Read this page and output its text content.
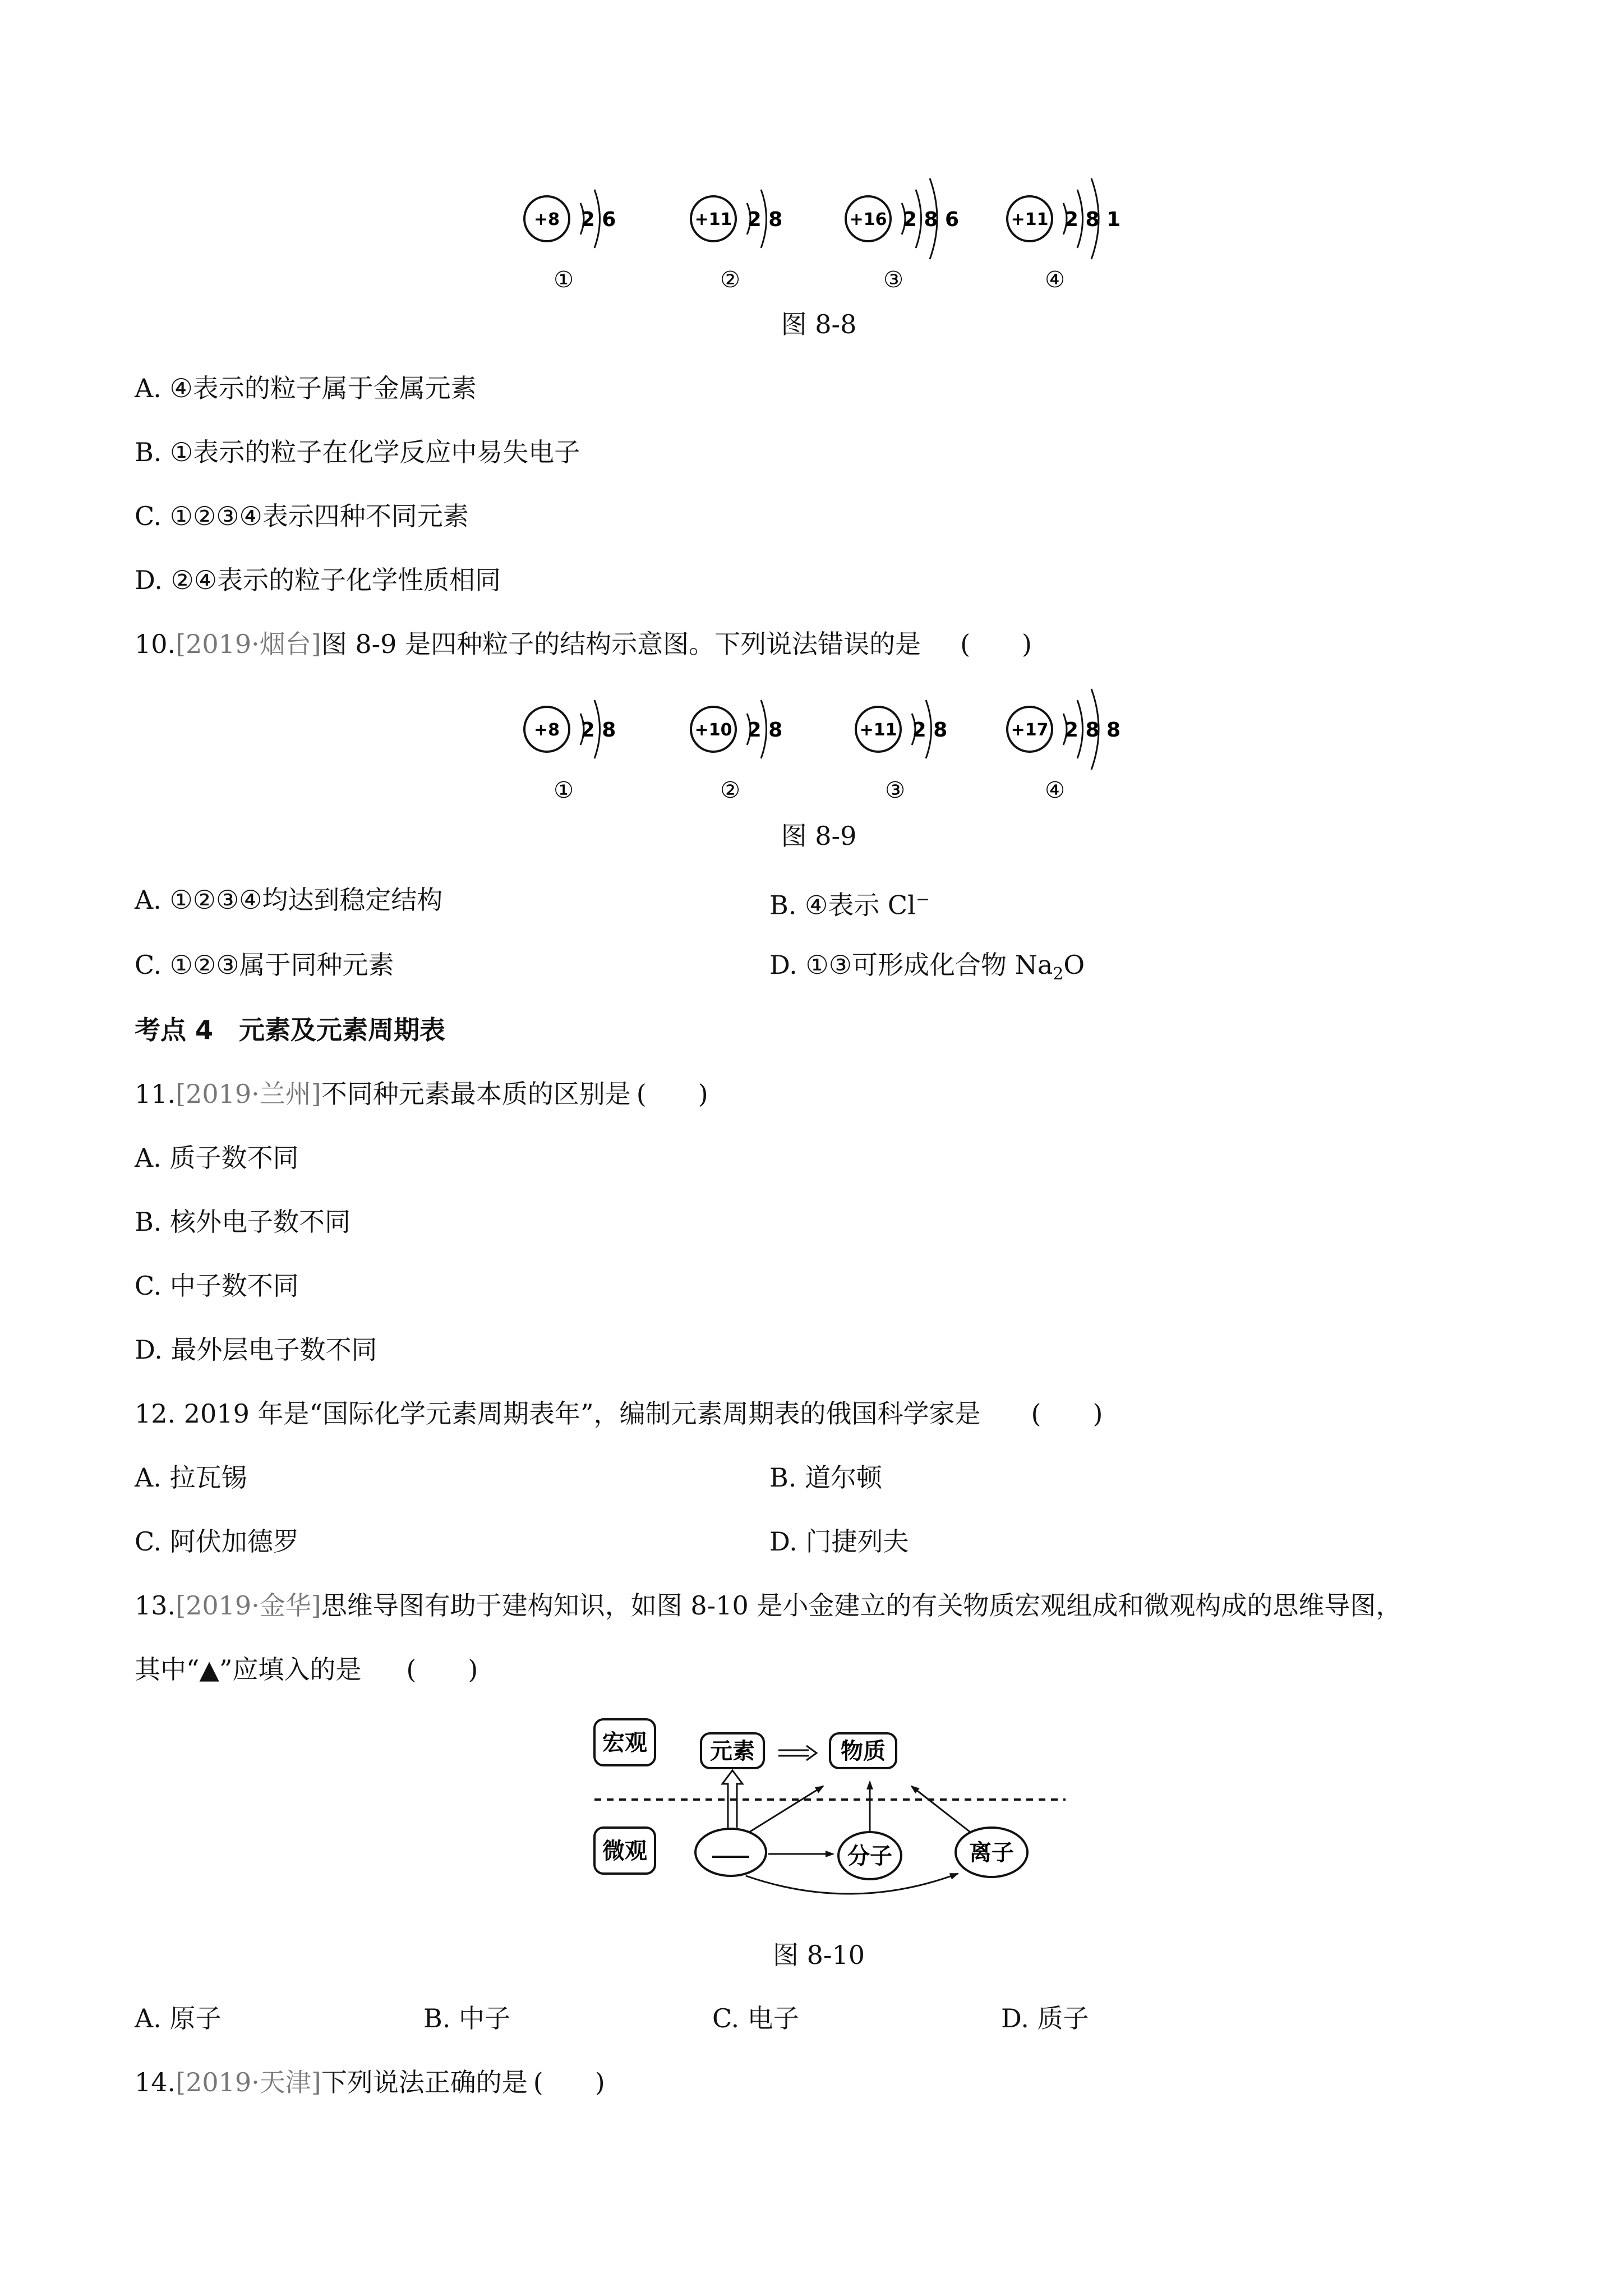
+8 2 6
①
+11 2 8
②
+16 2 8 6
③
+11 2 8 1
④
图 8-8
A. ④表示的粒子属于金属元素
B. ①表示的粒子在化学反应中易失电子
C. ①②③④表示四种不同元素
D. ②④表示的粒子化学性质相同
10.[2019·烟台]图 8-9 是四种粒子的结构示意图。下列说法错误的是 (　　)
+8 2 8
①
+10 2 8
②
+11 2 8
③
+17 2 8 8
④
图 8-9
A. ①②③④均达到稳定结构	B. ④表示 Cl−
C. ①②③属于同种元素	D. ①③可形成化合物 $Na_2O$
考点 4　元素及元素周期表
11.[2019·兰州]不同种元素最本质的区别是 (　　)
A. 质子数不同
B. 核外电子数不同
C. 中子数不同
D. 最外层电子数不同
12. 2019 年是“国际化学元素周期表年”，编制元素周期表的俄国科学家是 (　　)
A. 拉瓦锡	B. 道尔顿
C. 阿伏加德罗	D. 门捷列夫
13.[2019·金华]思维导图有助于建构知识，如图 8-10 是小金建立的有关物质宏观组成和微观构成的思维导图，
其中“▲”应填入的是 (　　)
宏观	元素	物质
微观	分子	离子
图 8-10
A. 原子	B. 中子	C. 电子	D. 质子
14.[2019·天津]下列说法正确的是 (　　)
